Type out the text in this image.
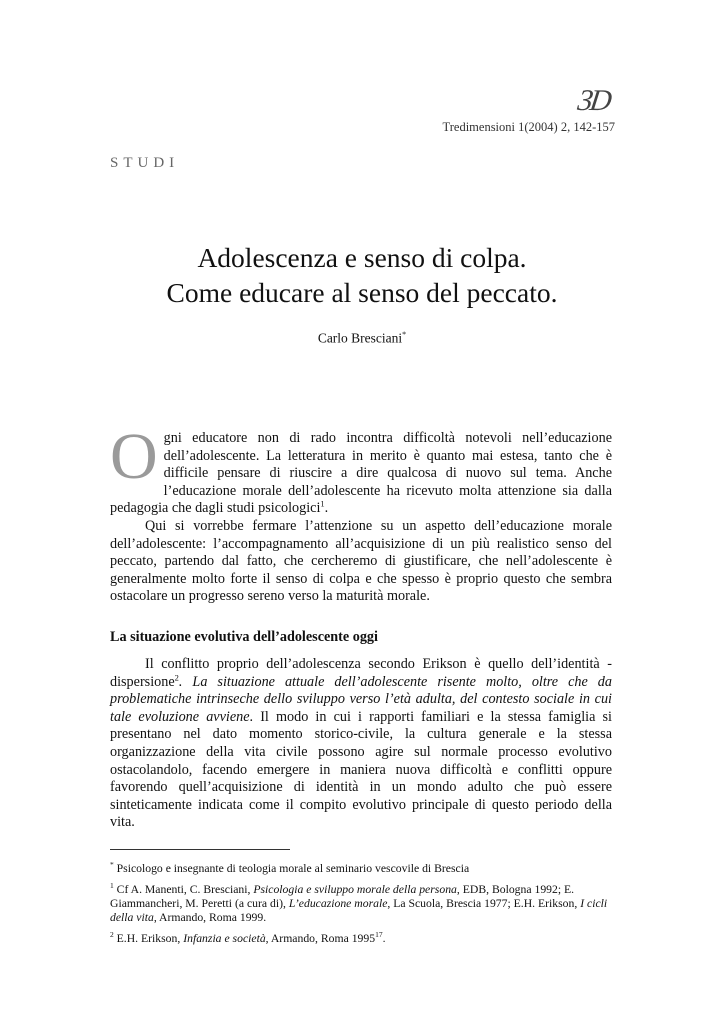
3D
Tredimensioni 1(2004) 2, 142-157
STUDI
Adolescenza e senso di colpa.
Come educare al senso del peccato.
Carlo Bresciani*
Ogni educatore non di rado incontra difficoltà notevoli nell’educazione dell’adolescente. La letteratura in merito è quanto mai estesa, tanto che è difficile pensare di riuscire a dire qualcosa di nuovo sul tema. Anche l’educazione morale dell’adolescente ha ricevuto molta attenzione sia dalla pedagogia che dagli studi psicologici$^1$.
Qui si vorrebbe fermare l’attenzione su un aspetto dell’educazione morale dell’adolescente: l’accompagnamento all’acquisizione di un più realistico senso del peccato, partendo dal fatto, che cercheremo di giustificare, che nell’adolescente è generalmente molto forte il senso di colpa e che spesso è proprio questo che sembra ostacolare un progresso sereno verso la maturità morale.
La situazione evolutiva dell’adolescente oggi
Il conflitto proprio dell’adolescenza secondo Erikson è quello dell’identità - dispersione$^2$. La situazione attuale dell’adolescente risente molto, oltre che da problematiche intrinseche dello sviluppo verso l’età adulta, del contesto sociale in cui tale evoluzione avviene. Il modo in cui i rapporti familiari e la stessa famiglia si presentano nel dato momento storico-civile, la cultura generale e la stessa organizzazione della vita civile possono agire sul normale processo evolutivo ostacolandolo, facendo emergere in maniera nuova difficoltà e conflitti oppure favorendo quell’acquisizione di identità in un mondo adulto che può essere sinteticamente indicata come il compito evolutivo principale di questo periodo della vita.
* Psicologo e insegnante di teologia morale al seminario vescovile di Brescia
$^1$ Cf A. Manenti, C. Bresciani, Psicologia e sviluppo morale della persona, EDB, Bologna 1992; E. Giammancheri, M. Peretti (a cura di), L’educazione morale, La Scuola, Brescia 1977; E.H. Erikson, I cicli della vita, Armando, Roma 1999.
$^2$ E.H. Erikson, Infanzia e società, Armando, Roma 1995$^{17}$.
